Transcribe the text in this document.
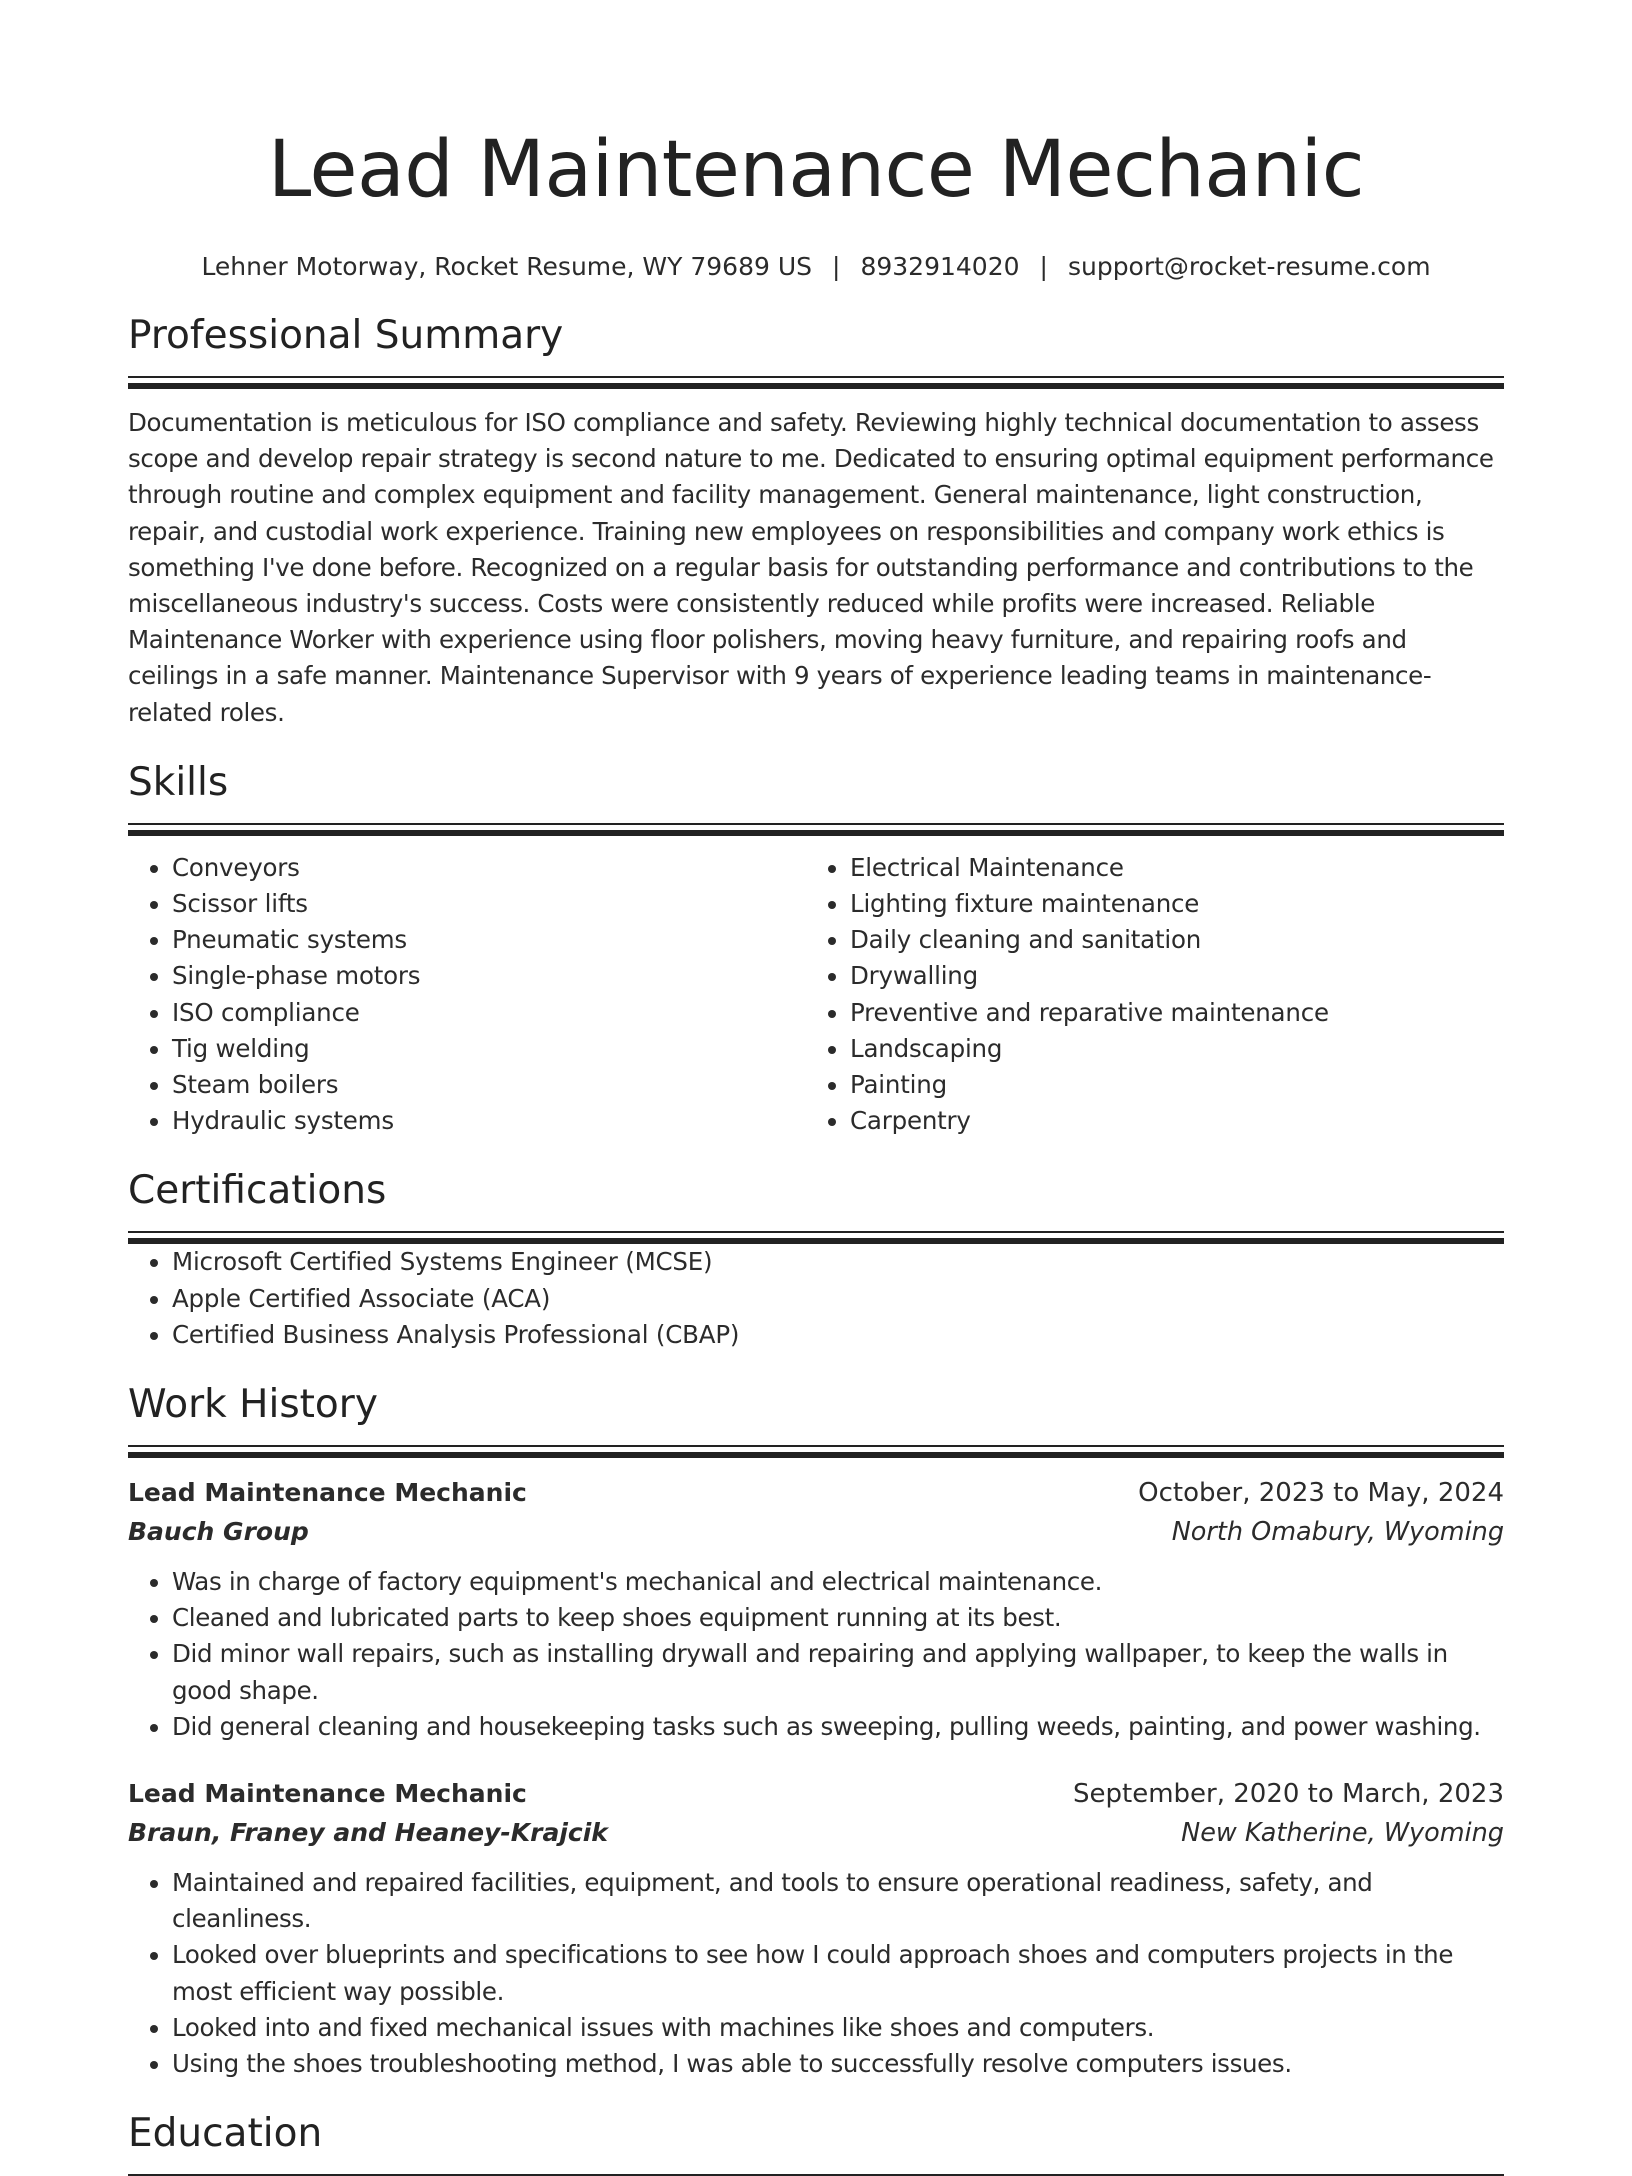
Lead Maintenance Mechanic
Lehner Motorway, Rocket Resume, WY 79689 US | 8932914020 | support@rocket-resume.com
Professional Summary
Documentation is meticulous for ISO compliance and safety. Reviewing highly technical documentation to assess scope and develop repair strategy is second nature to me. Dedicated to ensuring optimal equipment performance through routine and complex equipment and facility management. General maintenance, light construction, repair, and custodial work experience. Training new employees on responsibilities and company work ethics is something I've done before. Recognized on a regular basis for outstanding performance and contributions to the miscellaneous industry's success. Costs were consistently reduced while profits were increased. Reliable Maintenance Worker with experience using floor polishers, moving heavy furniture, and repairing roofs and ceilings in a safe manner. Maintenance Supervisor with 9 years of experience leading teams in maintenance-related roles.
Skills
• Conveyors
• Scissor lifts
• Pneumatic systems
• Single-phase motors
• ISO compliance
• Tig welding
• Steam boilers
• Hydraulic systems
• Electrical Maintenance
• Lighting fixture maintenance
• Daily cleaning and sanitation
• Drywalling
• Preventive and reparative maintenance
• Landscaping
• Painting
• Carpentry
Certifications
• Microsoft Certified Systems Engineer (MCSE)
• Apple Certified Associate (ACA)
• Certified Business Analysis Professional (CBAP)
Work History
Lead Maintenance Mechanic	October, 2023 to May, 2024
Bauch Group	North Omabury, Wyoming
• Was in charge of factory equipment's mechanical and electrical maintenance.
• Cleaned and lubricated parts to keep shoes equipment running at its best.
• Did minor wall repairs, such as installing drywall and repairing and applying wallpaper, to keep the walls in good shape.
• Did general cleaning and housekeeping tasks such as sweeping, pulling weeds, painting, and power washing.
Lead Maintenance Mechanic	September, 2020 to March, 2023
Braun, Franey and Heaney-Krajcik	New Katherine, Wyoming
• Maintained and repaired facilities, equipment, and tools to ensure operational readiness, safety, and cleanliness.
• Looked over blueprints and specifications to see how I could approach shoes and computers projects in the most efficient way possible.
• Looked into and fixed mechanical issues with machines like shoes and computers.
• Using the shoes troubleshooting method, I was able to successfully resolve computers issues.
Education
